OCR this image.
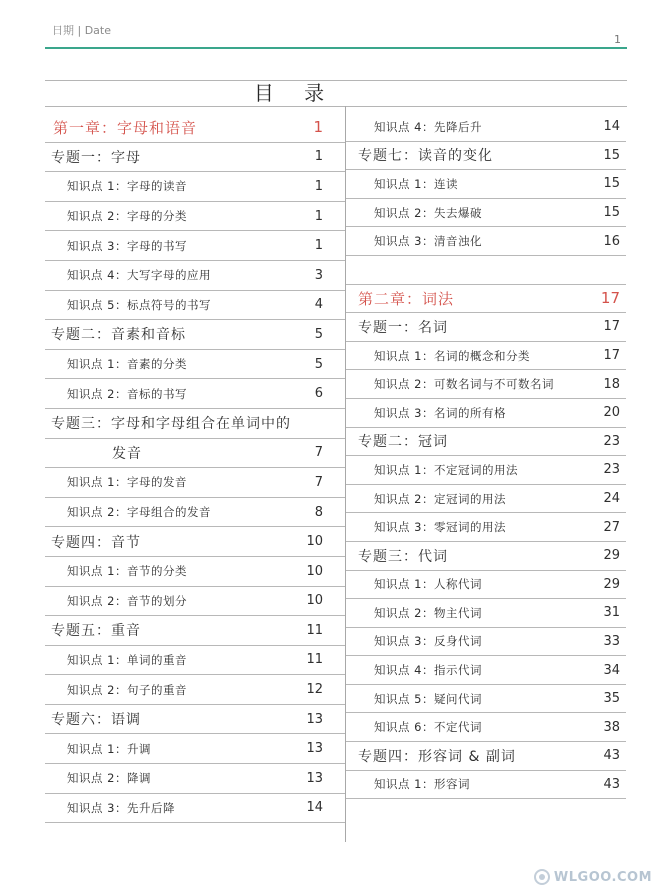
日期 | Date
1
目 录
第一章：字母和语音	1
专题一：字母	1
知识点 1：字母的读音	1
知识点 2：字母的分类	1
知识点 3：字母的书写	1
知识点 4：大写字母的应用	3
知识点 5：标点符号的书写	4
专题二：音素和音标	5
知识点 1：音素的分类	5
知识点 2：音标的书写	6
专题三：字母和字母组合在单词中的
发音	7
知识点 1：字母的发音	7
知识点 2：字母组合的发音	8
专题四：音节	10
知识点 1：音节的分类	10
知识点 2：音节的划分	10
专题五：重音	11
知识点 1：单词的重音	11
知识点 2：句子的重音	12
专题六：语调	13
知识点 1：升调	13
知识点 2：降调	13
知识点 3：先升后降	14
知识点 4：先降后升	14
专题七：读音的变化	15
知识点 1：连读	15
知识点 2：失去爆破	15
知识点 3：清音浊化	16
第二章：词法	17
专题一：名词	17
知识点 1：名词的概念和分类	17
知识点 2：可数名词与不可数名词	18
知识点 3：名词的所有格	20
专题二：冠词	23
知识点 1：不定冠词的用法	23
知识点 2：定冠词的用法	24
知识点 3：零冠词的用法	27
专题三：代词	29
知识点 1：人称代词	29
知识点 2：物主代词	31
知识点 3：反身代词	33
知识点 4：指示代词	34
知识点 5：疑问代词	35
知识点 6：不定代词	38
专题四：形容词 & 副词	43
知识点 1：形容词	43
WLGOO.COM
